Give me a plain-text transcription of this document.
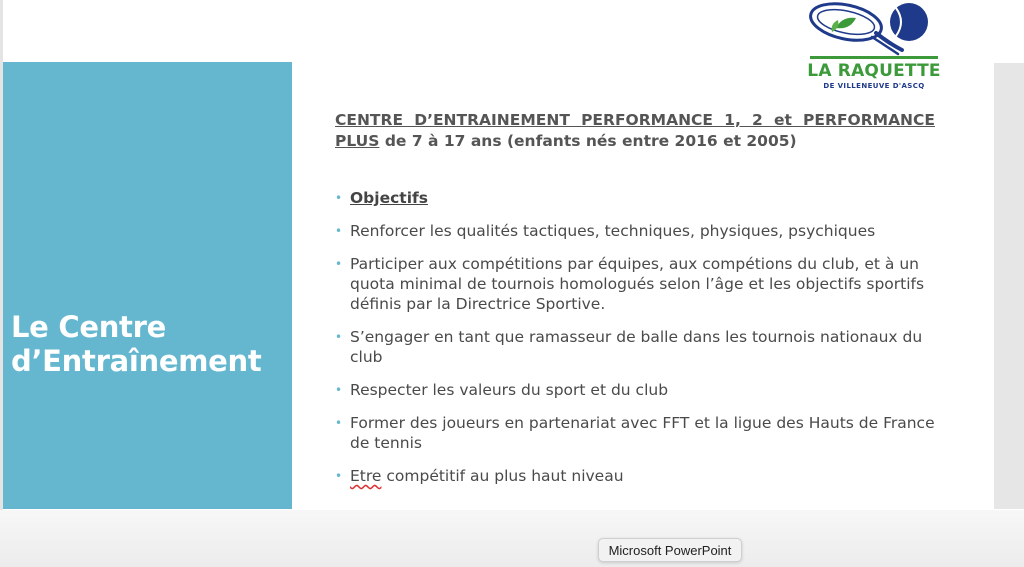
Le Centre
d’Entraînement
LA RAQUETTE
DE VILLENEUVE D'ASCQ
CENTRE D’ENTRAINEMENT PERFORMANCE 1, 2 et PERFORMANCE PLUS de 7 à 17 ans (enfants nés entre 2016 et 2005)
• Objectifs
• Renforcer les qualités tactiques, techniques, physiques, psychiques
• Participer aux compétitions par équipes, aux compétions du club, et à un quota minimal de tournois homologués selon l’âge et les objectifs sportifs définis par la Directrice Sportive.
• S’engager en tant que ramasseur de balle dans les tournois nationaux du club
• Respecter les valeurs du sport et du club
• Former des joueurs en partenariat avec FFT et la ligue des Hauts de France de tennis
• Etre compétitif au plus haut niveau
Microsoft PowerPoint
